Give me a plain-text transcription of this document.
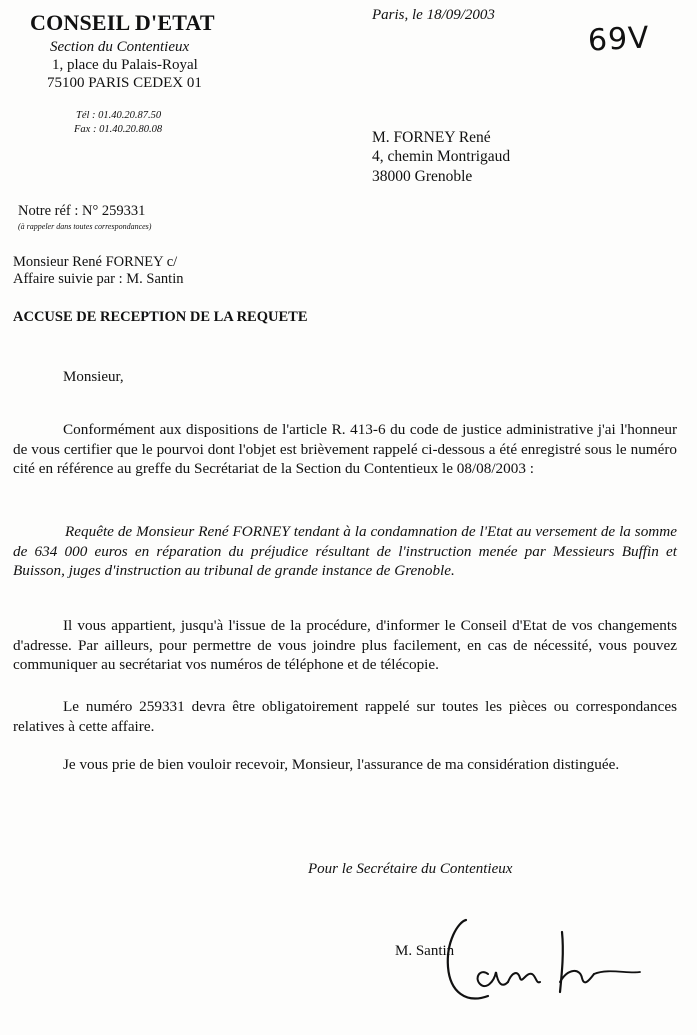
CONSEIL D'ETAT
Section du Contentieux
1, place du Palais-Royal
75100 PARIS CEDEX 01
Tél : 01.40.20.87.50
Fax : 01.40.20.80.08
Paris, le 18/09/2003
69V
M. FORNEY René
4, chemin Montrigaud
38000 Grenoble
Notre réf : N° 259331
(à rappeler dans toutes correspondances)
Monsieur René FORNEY c/
Affaire suivie par : M. Santin
ACCUSE DE RECEPTION DE LA REQUETE
Monsieur,

Conformément aux dispositions de l'article R. 413-6 du code de justice administrative j'ai l'honneur de vous certifier que le pourvoi dont l'objet est brièvement rappelé ci-dessous a été enregistré sous le numéro cité en référence au greffe du Secrétariat de la Section du Contentieux le 08/08/2003 :

Requête de Monsieur René FORNEY tendant à la condamnation de l'Etat au versement de la somme de 634 000 euros en réparation du préjudice résultant de l'instruction menée par Messieurs Buffin et Buisson, juges d'instruction au tribunal de grande instance de Grenoble.

Il vous appartient, jusqu'à l'issue de la procédure, d'informer le Conseil d'Etat de vos changements d'adresse. Par ailleurs, pour permettre de vous joindre plus facilement, en cas de nécessité, vous pouvez communiquer au secrétariat vos numéros de téléphone et de télécopie.

Le numéro 259331 devra être obligatoirement rappelé sur toutes les pièces ou correspondances relatives à cette affaire.

Je vous prie de bien vouloir recevoir, Monsieur, l'assurance de ma considération distinguée.

Pour le Secrétaire du Contentieux
M. Santin
